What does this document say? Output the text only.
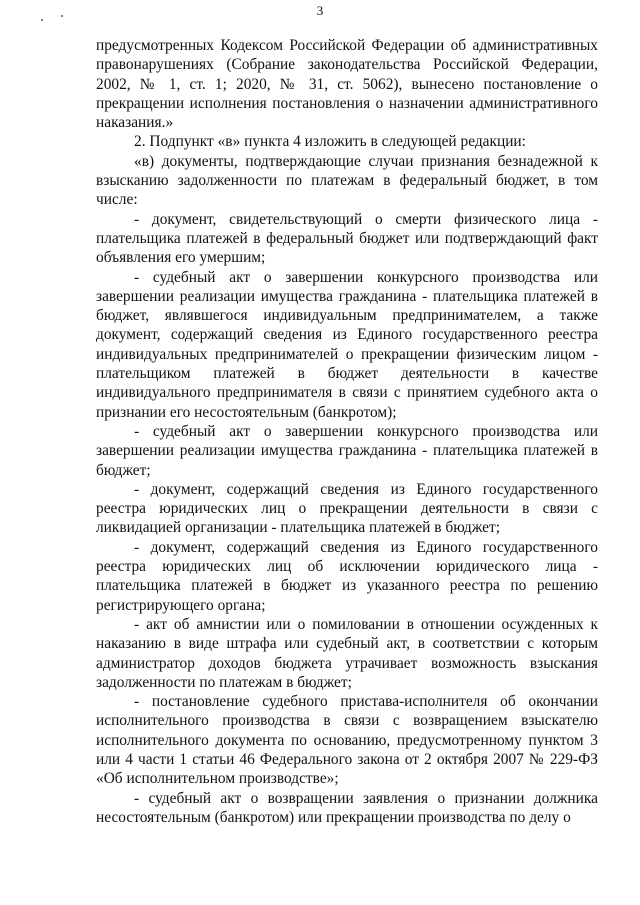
3

предусмотренных Кодексом Российской Федерации об административных правонарушениях (Собрание законодательства Российской Федерации, 2002, № 1, ст. 1; 2020, № 31, ст. 5062), вынесено постановление о прекращении исполнения постановления о назначении административного наказания.»

2. Подпункт «в» пункта 4 изложить в следующей редакции:

«в) документы, подтверждающие случаи признания безнадежной к взысканию задолженности по платежам в федеральный бюджет, в том числе:

- документ, свидетельствующий о смерти физического лица - плательщика платежей в федеральный бюджет или подтверждающий факт объявления его умершим;

- судебный акт о завершении конкурсного производства или завершении реализации имущества гражданина - плательщика платежей в бюджет, являвшегося индивидуальным предпринимателем, а также документ, содержащий сведения из Единого государственного реестра индивидуальных предпринимателей о прекращении физическим лицом - плательщиком платежей в бюджет деятельности в качестве индивидуального предпринимателя в связи с принятием судебного акта о признании его несостоятельным (банкротом);

- судебный акт о завершении конкурсного производства или завершении реализации имущества гражданина - плательщика платежей в бюджет;

- документ, содержащий сведения из Единого государственного реестра юридических лиц о прекращении деятельности в связи с ликвидацией организации - плательщика платежей в бюджет;

- документ, содержащий сведения из Единого государственного реестра юридических лиц об исключении юридического лица - плательщика платежей в бюджет из указанного реестра по решению регистрирующего органа;

- акт об амнистии или о помиловании в отношении осужденных к наказанию в виде штрафа или судебный акт, в соответствии с которым администратор доходов бюджета утрачивает возможность взыскания задолженности по платежам в бюджет;

- постановление судебного пристава-исполнителя об окончании исполнительного производства в связи с возвращением взыскателю исполнительного документа по основанию, предусмотренному пунктом 3 или 4 части 1 статьи 46 Федерального закона от 2 октября 2007 № 229-ФЗ «Об исполнительном производстве»;

- судебный акт о возвращении заявления о признании должника несостоятельным (банкротом) или прекращении производства по делу о
